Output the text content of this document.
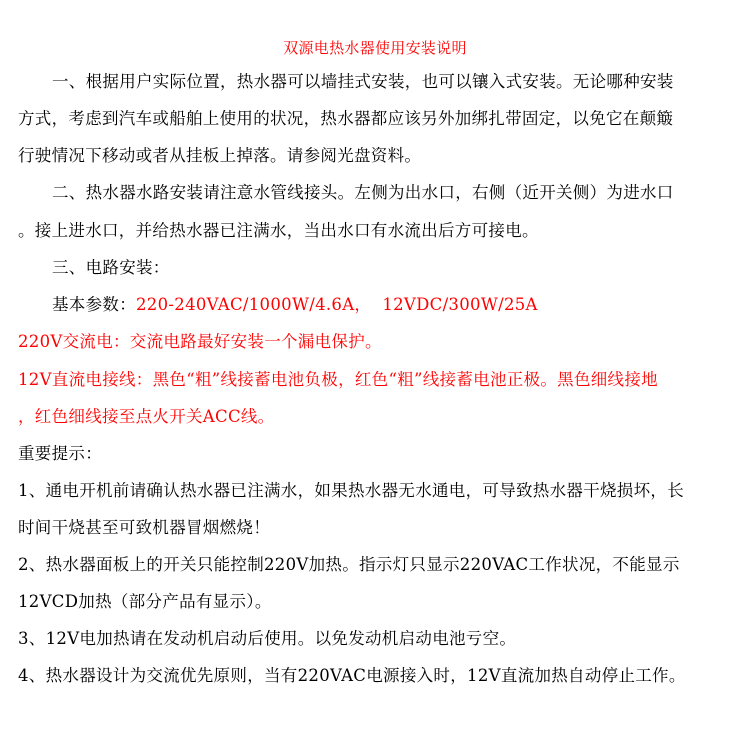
双源电热水器使用安装说明
一、根据用户实际位置，热水器可以墙挂式安装，也可以镶入式安装。无论哪种安装
方式，考虑到汽车或船舶上使用的状况，热水器都应该另外加绑扎带固定，以免它在颠簸
行驶情况下移动或者从挂板上掉落。请参阅光盘资料。
二、热水器水路安装请注意水管线接头。左侧为出水口，右侧（近开关侧）为进水口
。接上进水口，并给热水器已注满水，当出水口有水流出后方可接电。
三、电路安装：
基本参数：220-240VAC/1000W/4.6A，  12VDC/300W/25A
220V交流电：交流电路最好安装一个漏电保护。
12V直流电接线：黑色“粗”线接蓄电池负极，红色“粗”线接蓄电池正极。黑色细线接地
，红色细线接至点火开关ACC线。
重要提示：
1、通电开机前请确认热水器已注满水，如果热水器无水通电，可导致热水器干烧损坏，长
时间干烧甚至可致机器冒烟燃烧！
2、热水器面板上的开关只能控制220V加热。指示灯只显示220VAC工作状况，不能显示
12VCD加热（部分产品有显示）。
3、12V电加热请在发动机启动后使用。以免发动机启动电池亏空。
4、热水器设计为交流优先原则，当有220VAC电源接入时，12V直流加热自动停止工作。
